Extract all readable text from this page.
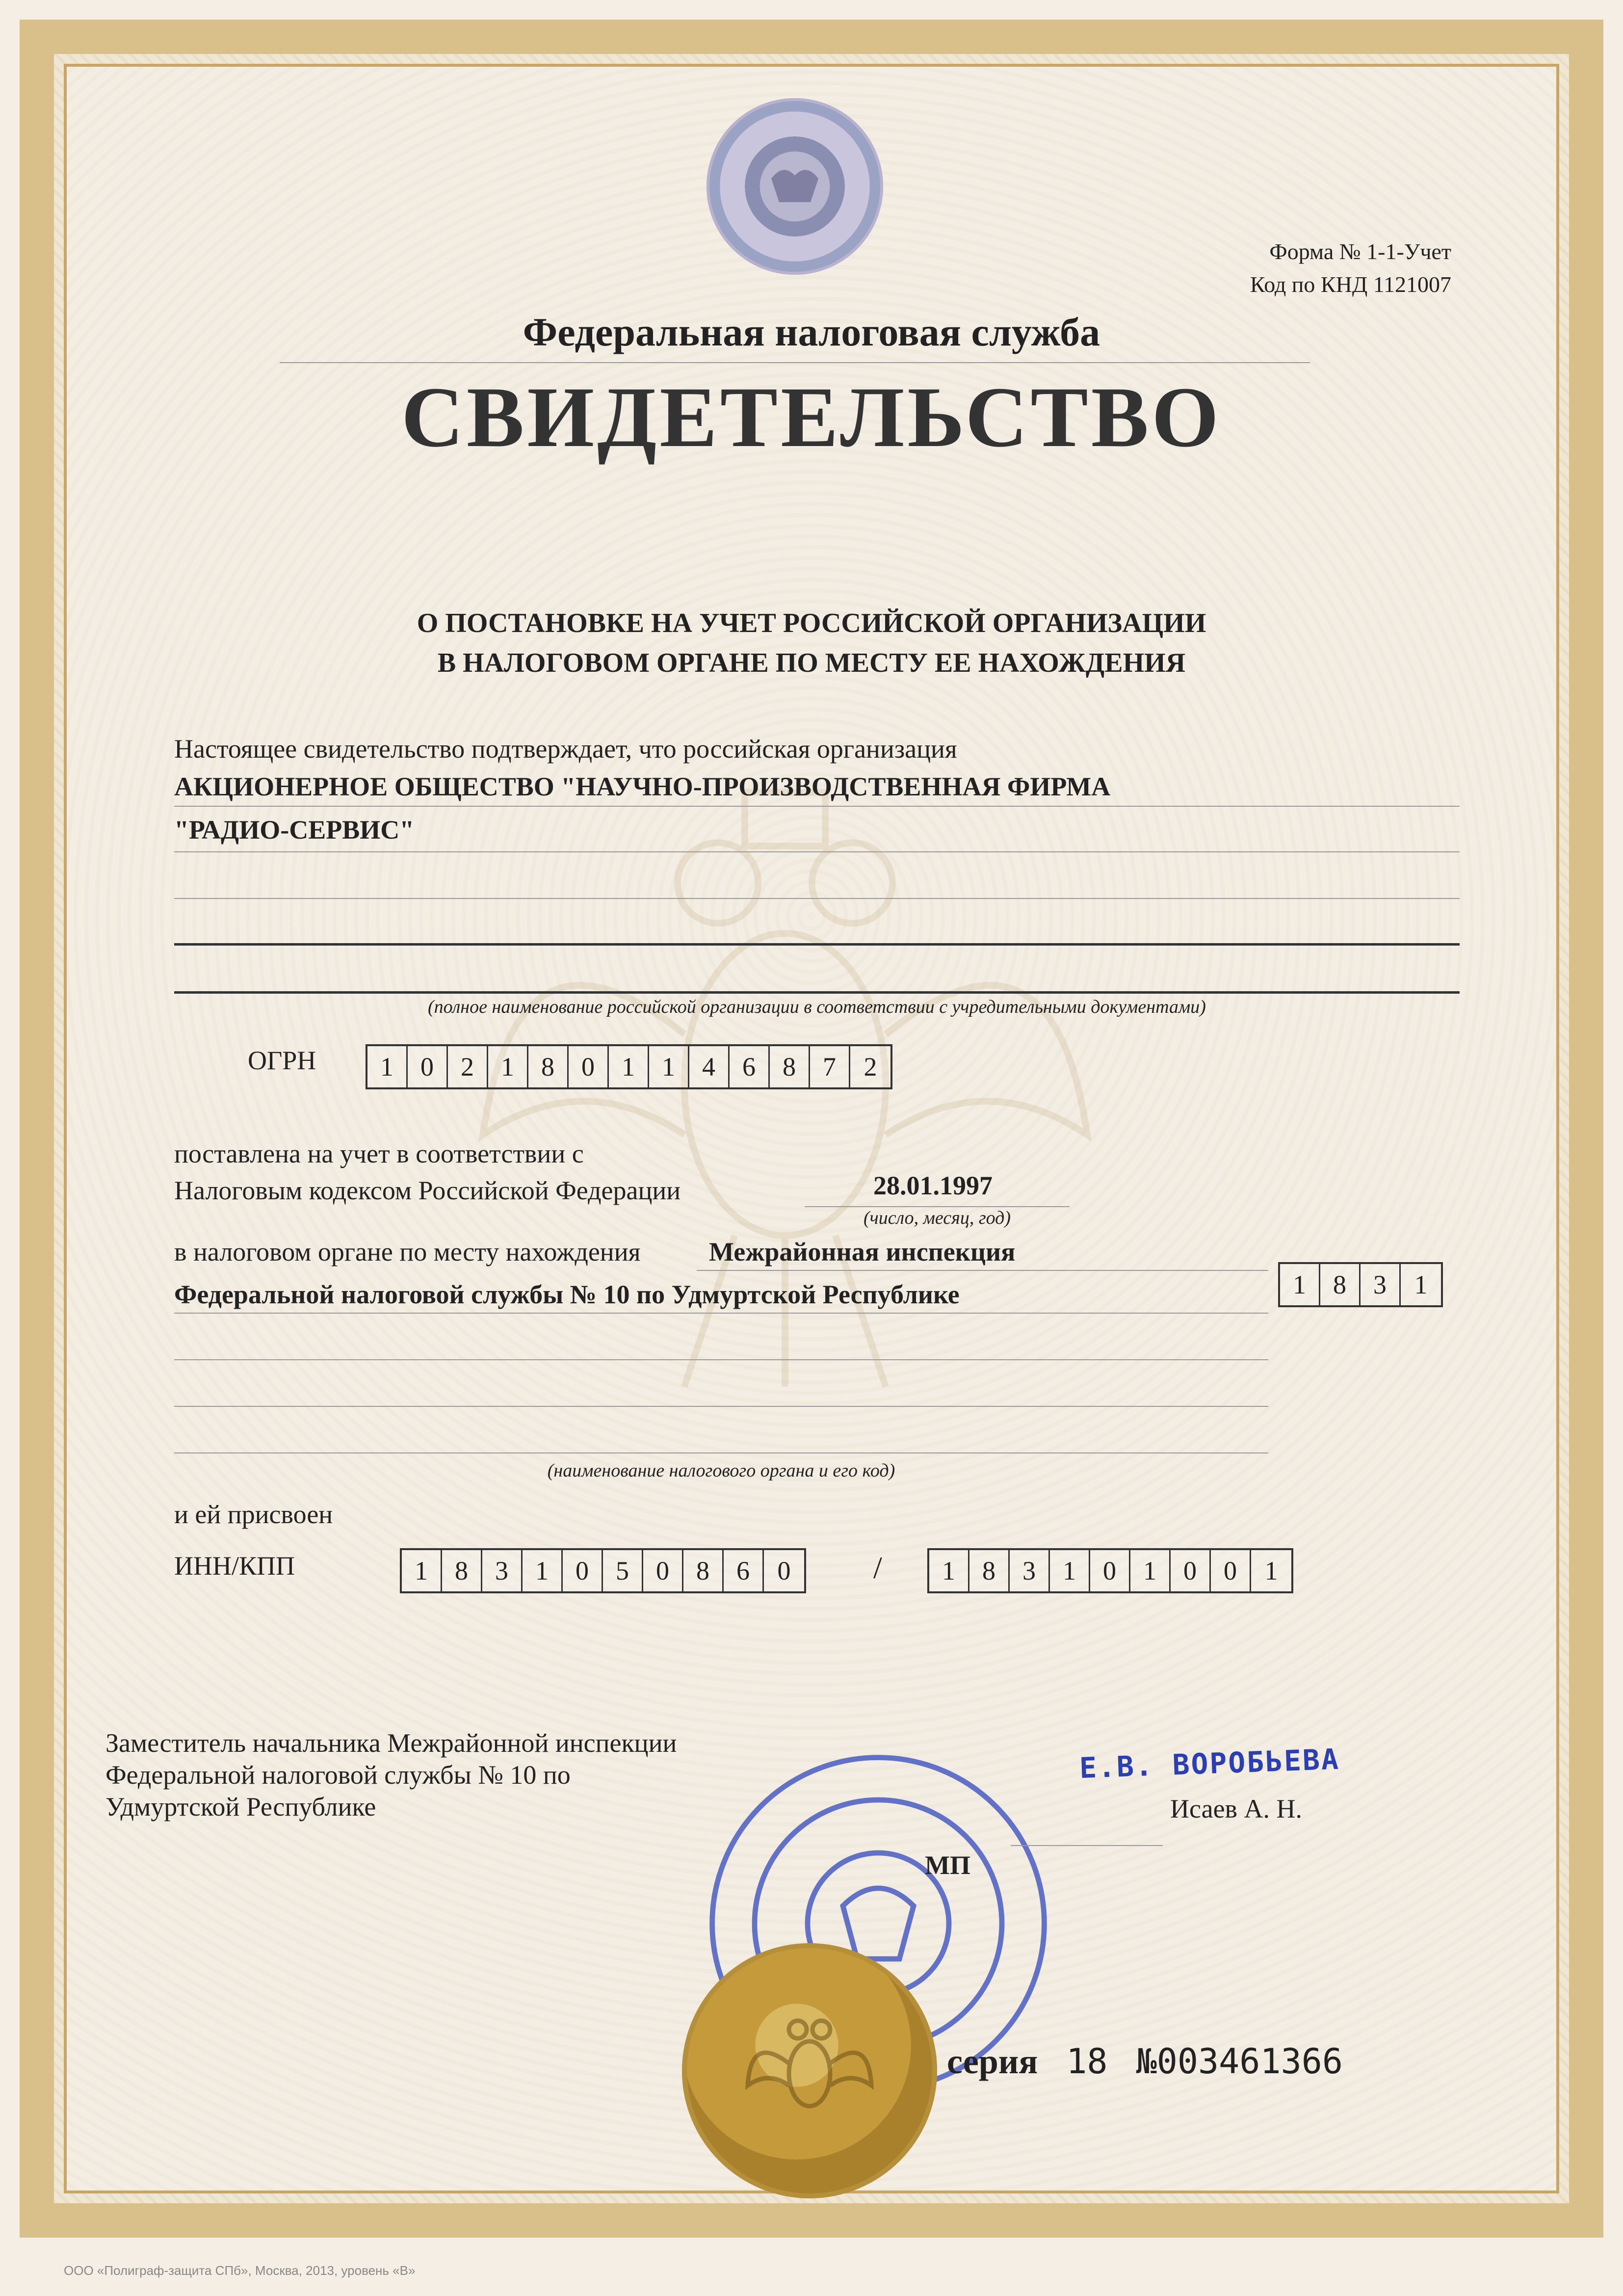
Форма № 1-1-Учет
Код по КНД 1121007
Федеральная налоговая служба
СВИДЕТЕЛЬСТВО
О ПОСТАНОВКЕ НА УЧЕТ РОССИЙСКОЙ ОРГАНИЗАЦИИ
В НАЛОГОВОМ ОРГАНЕ ПО МЕСТУ ЕЕ НАХОЖДЕНИЯ
Настоящее свидетельство подтверждает, что российская организация
АКЦИОНЕРНОЕ ОБЩЕСТВО "НАУЧНО-ПРОИЗВОДСТВЕННАЯ ФИРМА
"РАДИО-СЕРВИС"
(полное наименование российской организации в соответствии с учредительными документами)
ОГРН	1	0	2	1	8	0	1	1	4	6	8	7	2
поставлена на учет в соответствии с
Налоговым кодексом Российской Федерации	28.01.1997
(число, месяц, год)
в налоговом органе по месту нахождения	Межрайонная инспекция
Федеральной налоговой службы № 10 по Удмуртской Республике	1	8	3	1
(наименование налогового органа и его код)
и ей присвоен
ИНН/КПП	1	8	3	1	0	5	0	8	6	0	/	1	8	3	1	0	1	0	0	1
Заместитель начальника Межрайонной инспекции
Федеральной налоговой службы № 10 по
Удмуртской Республике
Е.В. ВОРОБЬЕВА
Исаев А. Н.
МП
серия 18 №003461366
ООО «Полиграф-защита СПб», Москва, 2013, уровень «В»
